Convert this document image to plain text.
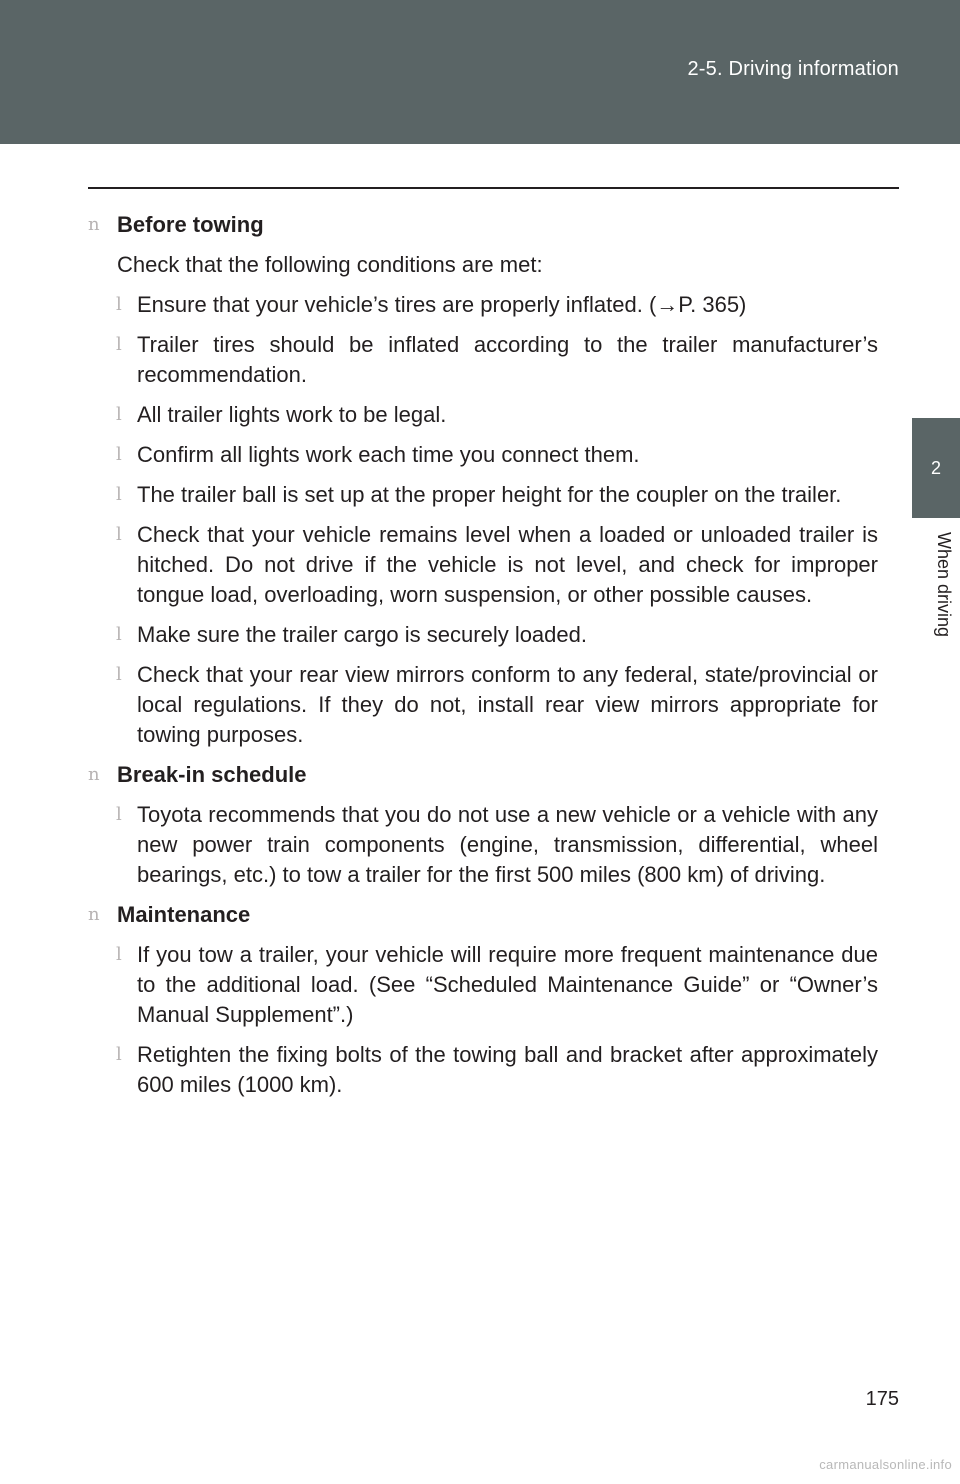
2-5. Driving information
2
When driving
n Before towing
Check that the following conditions are met:
l Ensure that your vehicle’s tires are properly inflated. (→P. 365)
l Trailer tires should be inflated according to the trailer manufacturer’s recommendation.
l All trailer lights work to be legal.
l Confirm all lights work each time you connect them.
l The trailer ball is set up at the proper height for the coupler on the trailer.
l Check that your vehicle remains level when a loaded or unloaded trailer is hitched. Do not drive if the vehicle is not level, and check for improper tongue load, overloading, worn suspension, or other possible causes.
l Make sure the trailer cargo is securely loaded.
l Check that your rear view mirrors conform to any federal, state/provincial or local regulations. If they do not, install rear view mirrors appropriate for towing purposes.
n Break-in schedule
l Toyota recommends that you do not use a new vehicle or a vehicle with any new power train components (engine, transmission, differential, wheel bearings, etc.) to tow a trailer for the first 500 miles (800 km) of driving.
n Maintenance
l If you tow a trailer, your vehicle will require more frequent maintenance due to the additional load. (See “Scheduled Maintenance Guide” or “Owner’s Manual Supplement”.)
l Retighten the fixing bolts of the towing ball and bracket after approximately 600 miles (1000 km).
175
carmanualsonline.info
